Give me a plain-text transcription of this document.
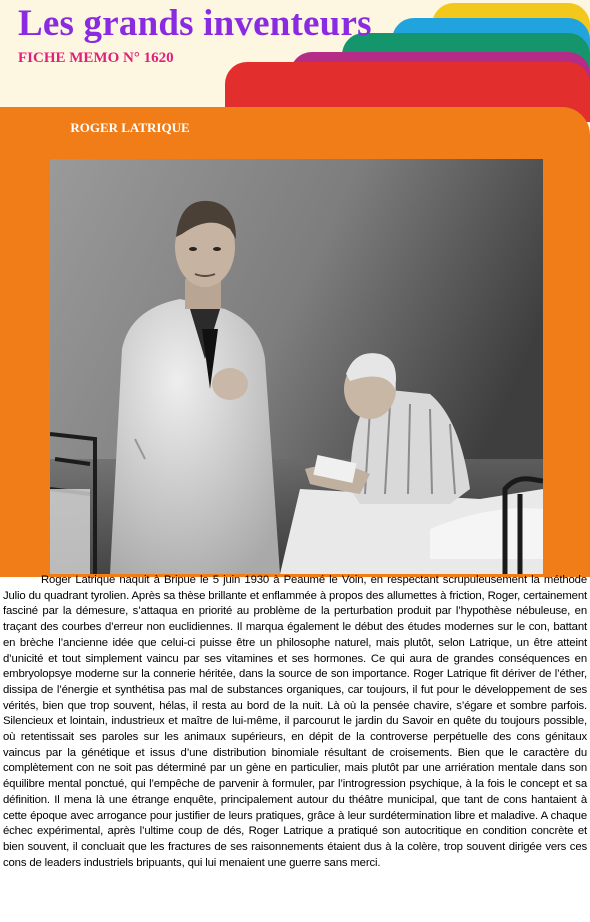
Les grands inventeurs
FICHE MEMO N° 1620
ROGER LATRIQUE

Roger Latrique naquit à Bripue le 5 juin 1930 à Peaumé le Voin, en respectant scrupuleusement la méthode Julio du quadrant tyrolien. Après sa thèse brillante et enflammée à propos des allumettes à friction, Roger, certainement fasciné par la démesure, s’attaqua en priorité au problème de la perturbation produit par l’hypothèse nébuleuse, en traçant des courbes d’erreur non euclidiennes. Il marqua également le début des études modernes sur le con, battant en brèche l’ancienne idée que celui-ci puisse être un philosophe naturel, mais plutôt, selon Latrique, un être atteint d’unicité et tout simplement vaincu par ses vitamines et ses hormones. Ce qui aura de grandes conséquences en embryolopsye moderne sur la connerie héritée, dans la source de son importance. Roger Latrique fit dériver de l’éther, dissipa de l’énergie et synthétisa pas mal de substances organiques, car toujours, il fut pour le développement de ses vérités, bien que trop souvent, hélas, il resta au bord de la nuit. Là où la pensée chavire, s’égare et sombre parfois. Silencieux et lointain, industrieux et maître de lui-même, il parcourut le jardin du Savoir en quête du toujours possible, où retentissait ses paroles sur les animaux supérieurs, en dépit de la controverse perpétuelle des cons génitaux vaincus par la génétique et issus d’une distribution binomiale résultant de croisements. Bien que le caractère du complètement con ne soit pas déterminé par un gène en particulier, mais plutôt par une arriération mentale dans son équilibre mental ponctué, qui l’empêche de parvenir à formuler, par l’introgression psychique, à la fois le concept et sa définition. Il mena là une étrange enquête, principalement autour du théâtre municipal, que tant de cons hantaient à cette époque avec arrogance pour justifier de leurs pratiques, grâce à leur surdétermination libre et maladive. A chaque échec expérimental, après l’ultime coup de dés, Roger Latrique a pratiqué son autocritique en condition concrète et bien souvent, il concluait que les fractures de ses raisonnements étaient dus à la colère, trop souvent dirigée vers ces cons de leaders industriels bripuants, qui lui menaient une guerre sans merci.
